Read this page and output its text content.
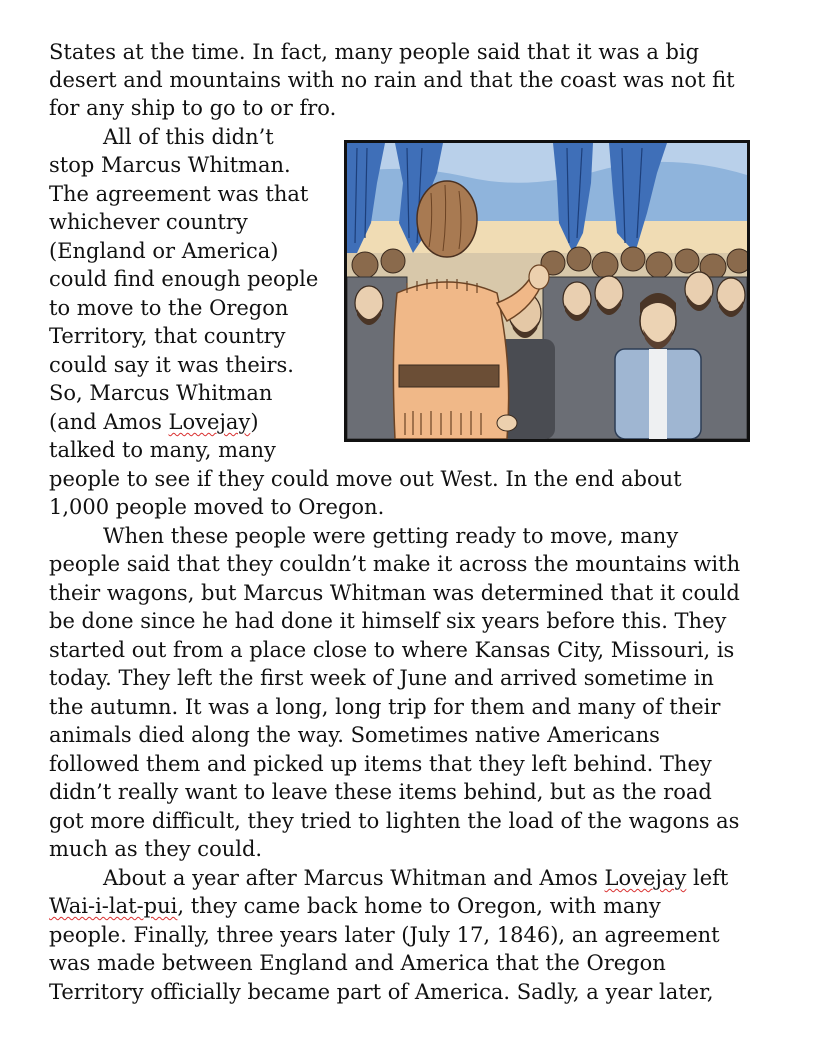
States at the time. In fact, many people said that it was a big
desert and mountains with no rain and that the coast was not fit
for any ship to go to or fro.
All of this didn’t
stop Marcus Whitman.
The agreement was that
whichever country
(England or America)
could find enough people
to move to the Oregon
Territory, that country
could say it was theirs.
So, Marcus Whitman
(and Amos Lovejay)
talked to many, many
people to see if they could move out West. In the end about
1,000 people moved to Oregon.
When these people were getting ready to move, many
people said that they couldn’t make it across the mountains with
their wagons, but Marcus Whitman was determined that it could
be done since he had done it himself six years before this. They
started out from a place close to where Kansas City, Missouri, is
today. They left the first week of June and arrived sometime in
the autumn. It was a long, long trip for them and many of their
animals died along the way. Sometimes native Americans
followed them and picked up items that they left behind. They
didn’t really want to leave these items behind, but as the road
got more difficult, they tried to lighten the load of the wagons as
much as they could.
About a year after Marcus Whitman and Amos Lovejay left
Wai-i-lat-pui, they came back home to Oregon, with many
people. Finally, three years later (July 17, 1846), an agreement
was made between England and America that the Oregon
Territory officially became part of America. Sadly, a year later,
